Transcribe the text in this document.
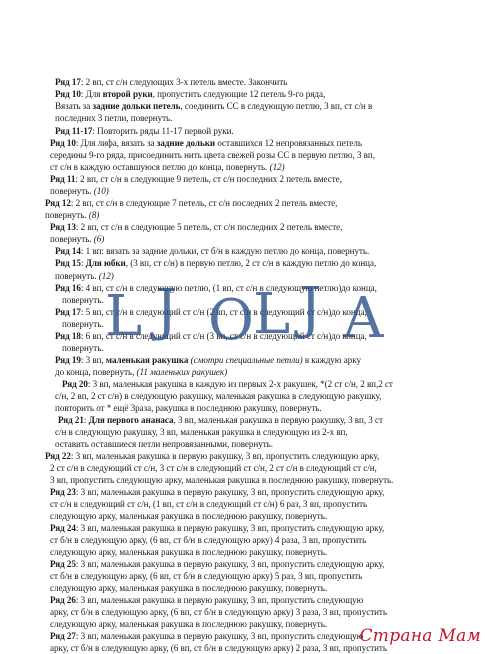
Ряд 17: 2 вп, ст с/н следующих 3-х петель вместе. Закончить
Ряд 10: Для второй руки, пропустить следующие 12 петель 9-го ряда,
Вязать за задние дольки петель, соединить СС в следующую петлю, 3 вп, ст с/н в
последних 3 петли, повернуть.
Ряд 11-17: Повторить ряды 11-17 первой руки.
Ряд 10: Для лифа, вязать за задние дольки оставшихся 12 непровязанных петель
середины 9-го ряда, присоединить нить цвета свежей розы СС в первую петлю, 3 вп,
ст с/н в каждую оставшуюся петлю до конца, повернуть. (12)
Ряд 11: 2 вп, ст с/н в следующие 9 петель, ст с/н последних 2 петель вместе,
повернуть. (10)
Ряд 12: 2 вп, ст с/н в следующие 7 петель, ст с/н последних 2 петель вместе,
повернуть. (8)
Ряд 13: 2 вп, ст с/н в следующие 5 петель, ст с/н последних 2 петель вместе,
повернуть. (6)
Ряд 14: 1 вп: вязать за задние дольки, ст б/н в каждую петлю до конца, повернуть.
Ряд 15: Для юбки, (3 вп, ст с/н) в первую петлю, 2 ст с/н в каждую петлю до конца,
повернуть. (12)
Ряд 16: 4 вп, ст с/н в следующую петлю, (1 вп, ст с/н в следующую петлю)до конца,
повернуть.
Ряд 17: 5 вп, ст с/н в следующий ст с/н (2 вп, ст с/н в следующий ст с/н)до конца,
повернуть.
Ряд 18: 6 вп, ст с/н в следующий ст с/н (3 вп, ст с/н в следующий ст с/н)до конца,
повернуть.
Ряд 19: 3 вп, маленькая ракушка (смотри специальные петли) в каждую арку
до конца, повернуть, (11 маленьких ракушек)
Ряд 20: 3 вп, маленькая ракушка в каждую из первых 2-х ракушек, *(2 ст с/н, 2 вп,2 ст
с/н, 2 вп, 2 ст с/н) в следующую ракушку, маленькая ракушка в следующую ракушку,
повторить от * ещё 3раза, ракушка в последнюю ракушку, повернуть.
Ряд 21: Для первого ананаса, 3 вп, маленькая ракушка в первую ракушку, 3 вп, 3 ст
с/н в следующую ракушку, 3 вп, маленькая ракушка в следующую из 2-х вп,
оставить оставшиеся петли непровязанными, повернуть.
Ряд 22: 3 вп, маленькая ракушка в первую ракушку, 3 вп, пропустить следующую арку,
2 ст с/н в следующий ст с/н, 3 ст с/н в следующий ст с/н, 2 ст с/н в следующий ст с/н,
3 вп, пропустить следующую арку, маленькая ракушка в последнюю ракушку, повернуть.
Ряд 23: 3 вп, маленькая ракушка в первую ракушку, 3 вп, пропустить следующую арку,
ст с/н в следующий ст с/н, (1 вп, ст с/н в следующий ст с/н) 6 раз, 3 вп, пропустить
следующую арку, маленькая ракушка в последнюю ракушку, повернуть.
Ряд 24: 3 вп, маленькая ракушка в первую ракушку, 3 вп, пропустить следующую арку,
ст б/н в следующую арку, (6 вп, ст б/н в следующую арку) 4 раза, 3 вп, пропустить
следующую арку, маленькая ракушка в последнюю ракушку, повернуть.
Ряд 25: 3 вп, маленькая ракушка в первую ракушку, 3 вп, пропустить следующую арку,
ст б/н в следующую арку, (6 вп, ст б/н в следующую арку) 5 раз, 3 вп, пропустить
следующую арку, маленькая ракушка в последнюю ракушку, повернуть.
Ряд 26: 3 вп, маленькая ракушка в первую ракушку, 3 вп, пропустить следующую
арку, ст б/н в следующую арку, (6 вп, ст б/н в следующую арку) 3 раза, 3 вп, пропустить
следующую арку, маленькая ракушка в последнюю ракушку, повернуть.
Ряд 27: 3 вп, маленькая ракушка в первую ракушку, 3 вп, пропустить следующую
арку, ст б/н в следующую арку, (6 вп, ст б/н в следующую арку) 2 раза, 3 вп, пропустить
L J O L J A
Страна Мам
